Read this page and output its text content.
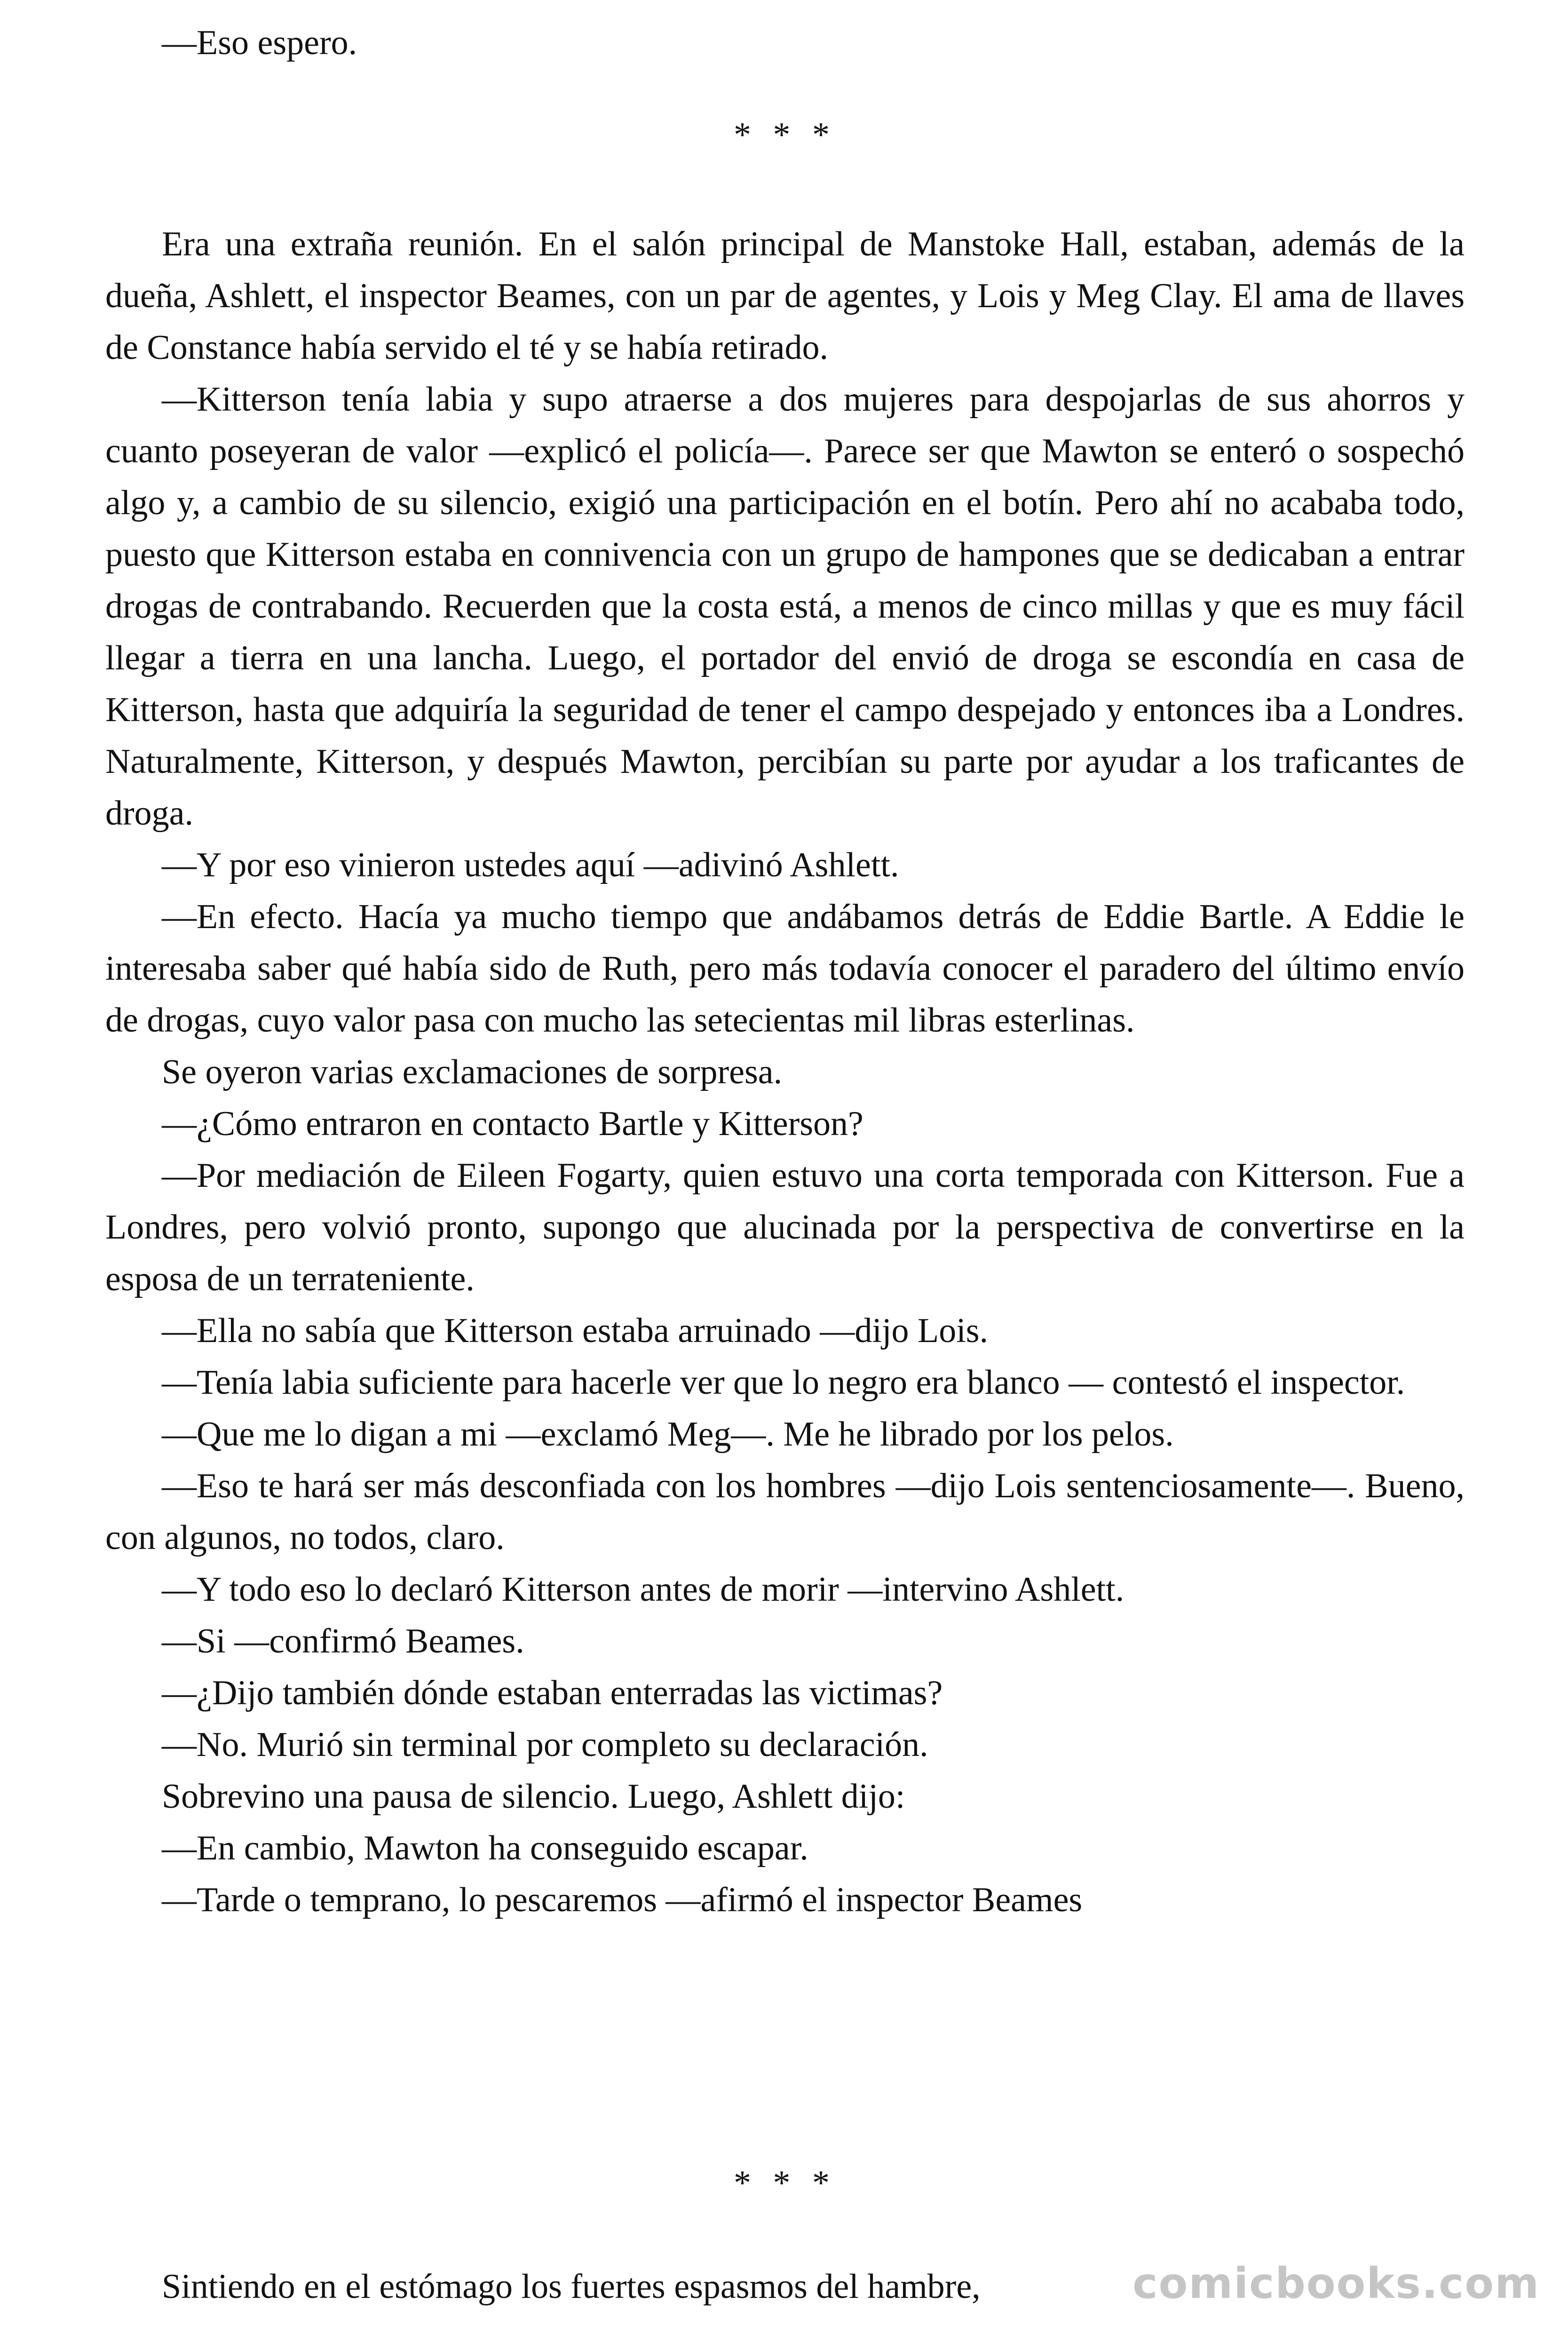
—Eso espero.

* * *

Era una extraña reunión. En el salón principal de Manstoke Hall, estaban, además de la dueña, Ashlett, el inspector Beames, con un par de agentes, y Lois y Meg Clay. El ama de llaves de Constance había servido el té y se había retirado.

—Kitterson tenía labia y supo atraerse a dos mujeres para despojarlas de sus ahorros y cuanto poseyeran de valor —explicó el policía—. Parece ser que Mawton se enteró o sospechó algo y, a cambio de su silencio, exigió una participación en el botín. Pero ahí no acababa todo, puesto que Kitterson estaba en connivencia con un grupo de hampones que se dedicaban a entrar drogas de contrabando. Recuerden que la costa está, a menos de cinco millas y que es muy fácil llegar a tierra en una lancha. Luego, el portador del envió de droga se escondía en casa de Kitterson, hasta que adquiría la seguridad de tener el campo despejado y entonces iba a Londres. Naturalmente, Kitterson, y después Mawton, percibían su parte por ayudar a los traficantes de droga.

—Y por eso vinieron ustedes aquí —adivinó Ashlett.

—En efecto. Hacía ya mucho tiempo que andábamos detrás de Eddie Bartle. A Eddie le interesaba saber qué había sido de Ruth, pero más todavía conocer el paradero del último envío de drogas, cuyo valor pasa con mucho las setecientas mil libras esterlinas.

Se oyeron varias exclamaciones de sorpresa.

—¿Cómo entraron en contacto Bartle y Kitterson?

—Por mediación de Eileen Fogarty, quien estuvo una corta temporada con Kitterson. Fue a Londres, pero volvió pronto, supongo que alucinada por la perspectiva de convertirse en la esposa de un terrateniente.

—Ella no sabía que Kitterson estaba arruinado —dijo Lois.

—Tenía labia suficiente para hacerle ver que lo negro era blanco — contestó el inspector.

—Que me lo digan a mi —exclamó Meg—. Me he librado por los pelos.

—Eso te hará ser más desconfiada con los hombres —dijo Lois sentenciosamente—. Bueno, con algunos, no todos, claro.

—Y todo eso lo declaró Kitterson antes de morir —intervino Ashlett.

—Si —confirmó Beames.

—¿Dijo también dónde estaban enterradas las victimas?

—No. Murió sin terminal por completo su declaración.

Sobrevino una pausa de silencio. Luego, Ashlett dijo:

—En cambio, Mawton ha conseguido escapar.

—Tarde o temprano, lo pescaremos —afirmó el inspector Beames

* * *

Sintiendo en el estómago los fuertes espasmos del hambre,	comicbooks.com
